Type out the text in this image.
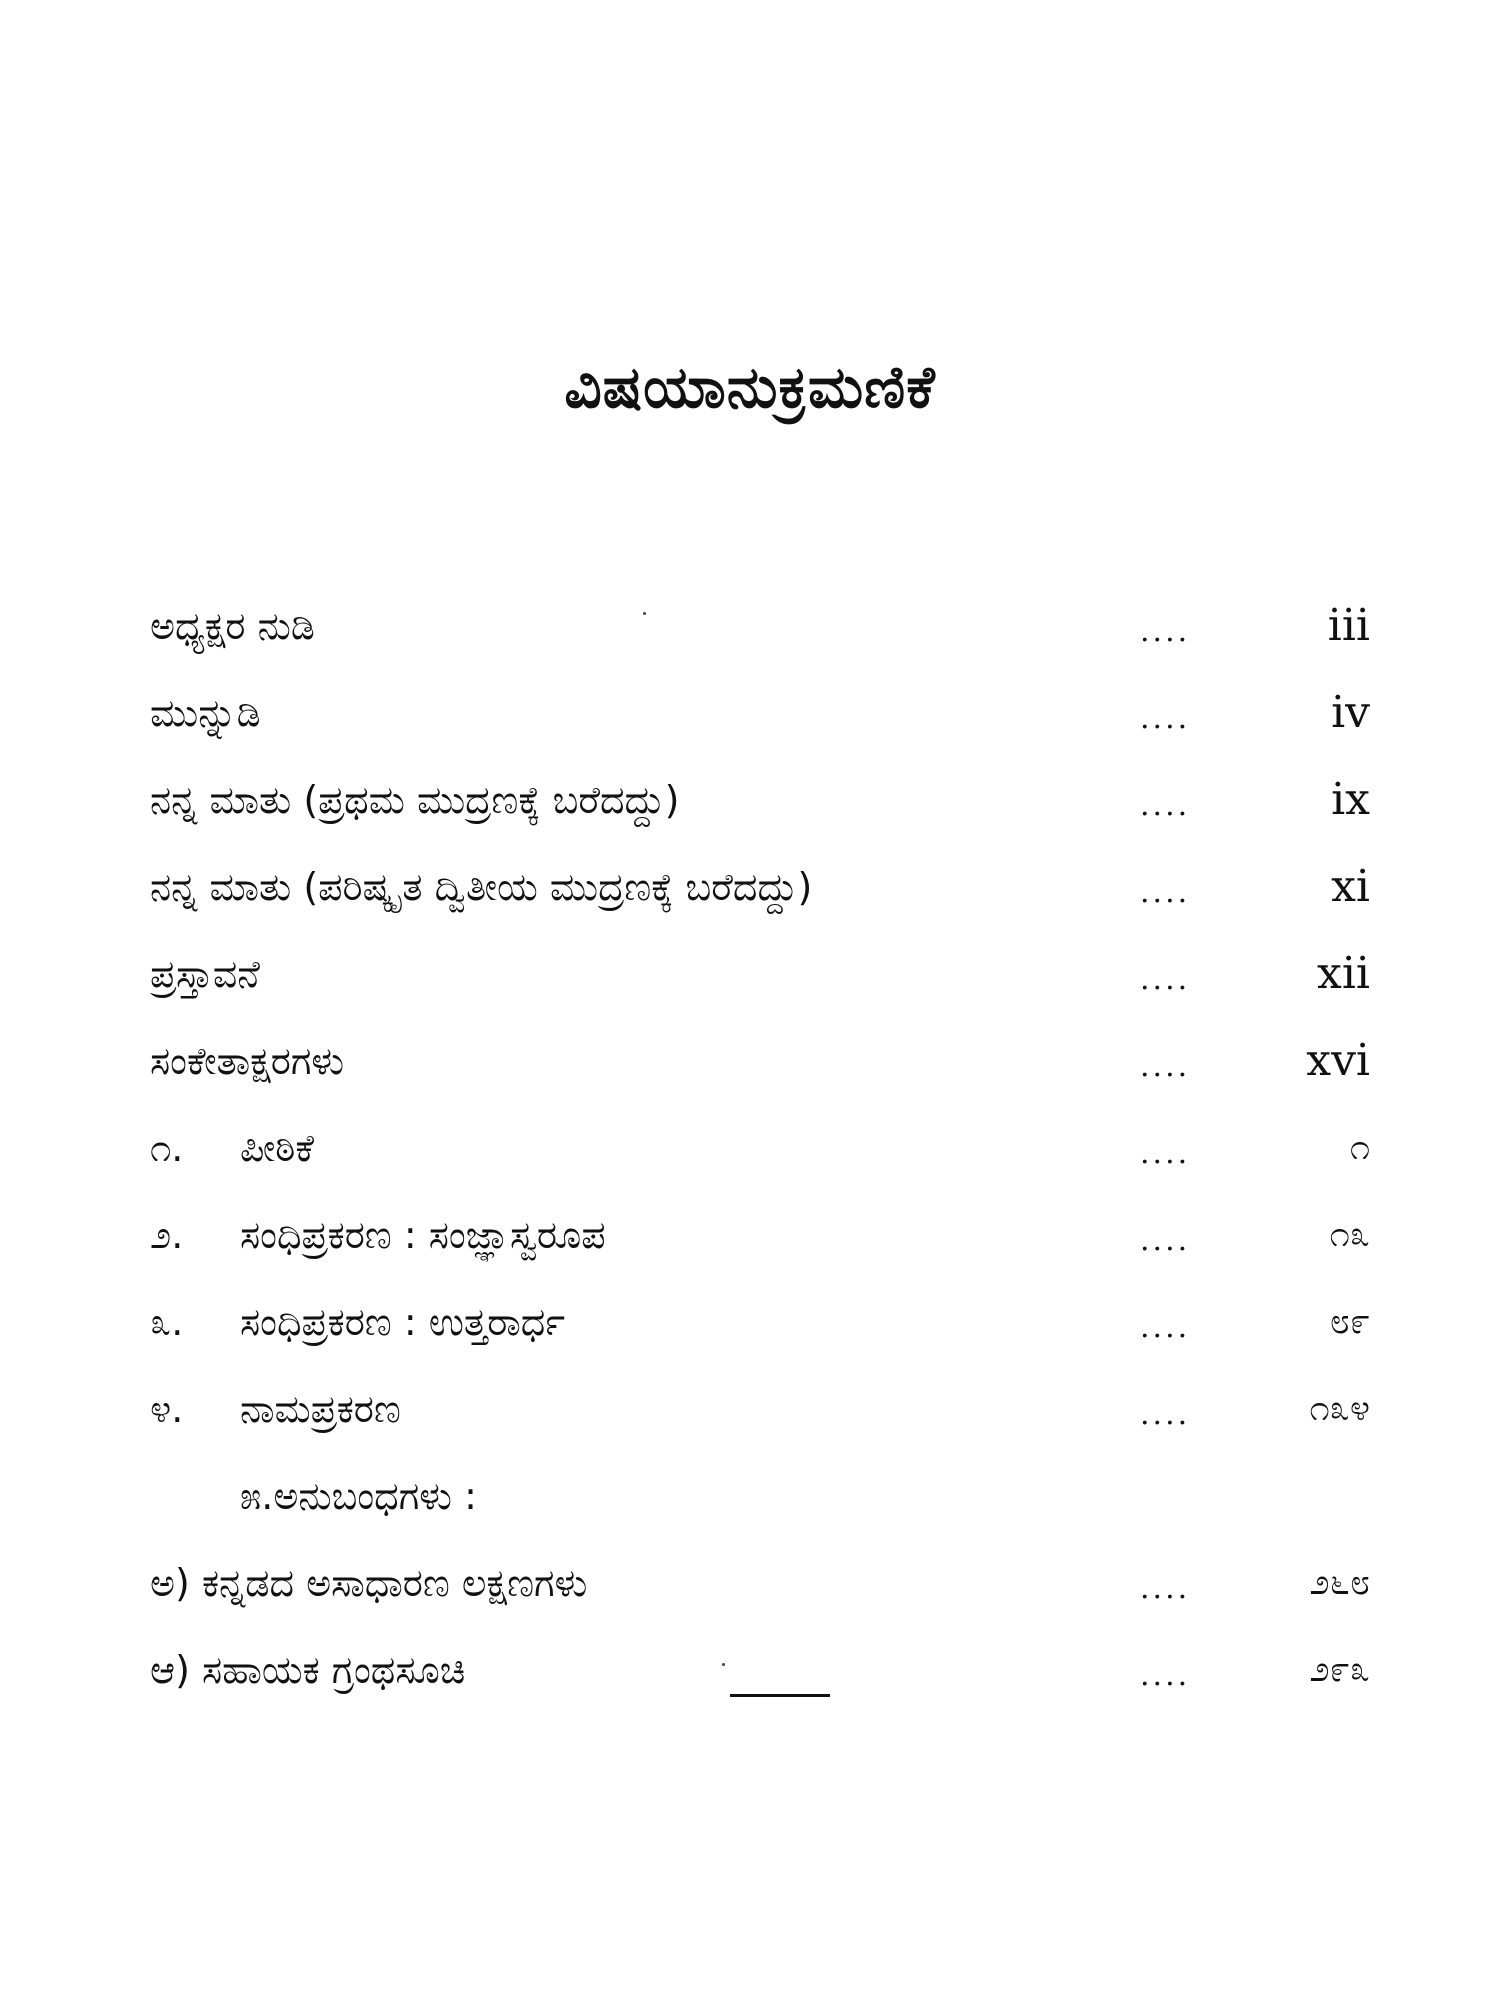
ವಿಷಯಾನುಕ್ರಮಣಿಕೆ
ಅಧ್ಯಕ್ಷರ ನುಡಿ	....	iii
ಮುನ್ನುಡಿ	....	iv
ನನ್ನ ಮಾತು (ಪ್ರಥಮ ಮುದ್ರಣಕ್ಕೆ ಬರೆದದ್ದು)	....	ix
ನನ್ನ ಮಾತು (ಪರಿಷ್ಕೃತ ದ್ವಿತೀಯ ಮುದ್ರಣಕ್ಕೆ ಬರೆದದ್ದು)	....	xi
ಪ್ರಸ್ತಾವನೆ	....	xii
ಸಂಕೇತಾಕ್ಷರಗಳು	....	xvi
೧. ಪೀಠಿಕೆ	....	೧
೨. ಸಂಧಿಪ್ರಕರಣ : ಸಂಜ್ಞಾಸ್ವರೂಪ	....	೧೩
೩. ಸಂಧಿಪ್ರಕರಣ : ಉತ್ತರಾರ್ಧ	....	೮೯
೪. ನಾಮಪ್ರಕರಣ	....	೧೩೪
೫.ಅನುಬಂಧಗಳು :
ಅ) ಕನ್ನಡದ ಅಸಾಧಾರಣ ಲಕ್ಷಣಗಳು	....	೨೬೮
ಆ) ಸಹಾಯಕ ಗ್ರಂಥಸೂಚಿ	....	೨೯೩
